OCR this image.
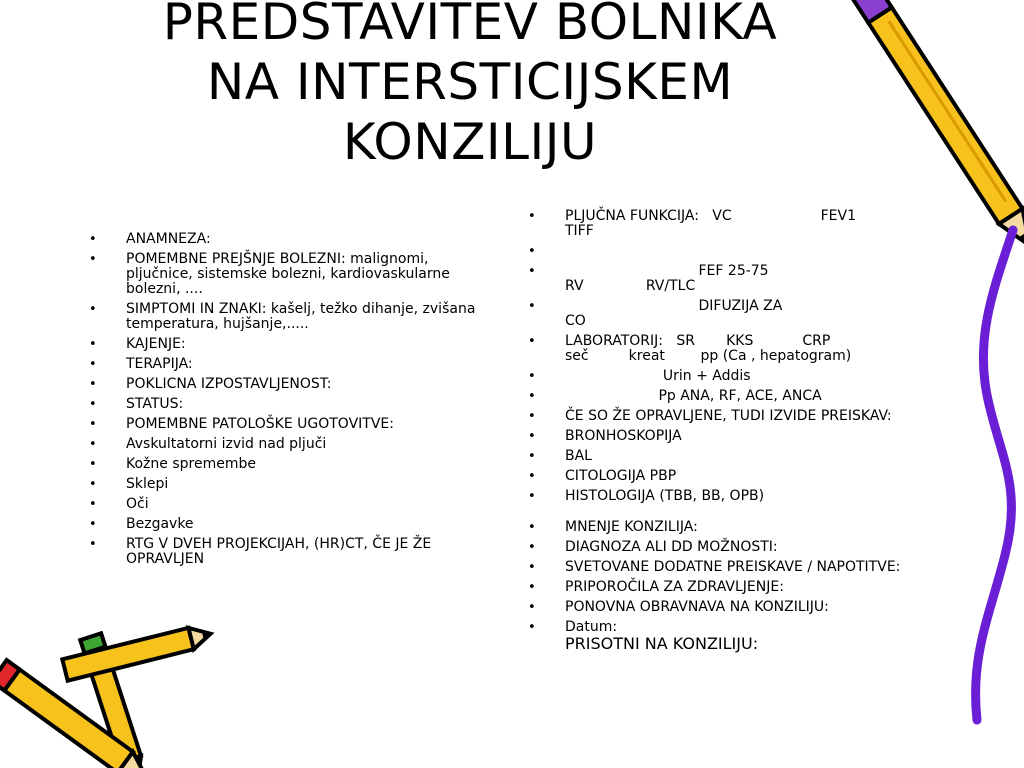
PREDSTAVITEV BOLNIKA
NA INTERSTICIJSKEM
KONZILIJU
• ANAMNEZA:
• POMEMBNE PREJŠNJE BOLEZNI: malignomi, pljučnice, sistemske bolezni, kardiovaskularne bolezni, ....
• SIMPTOMI IN ZNAKI: kašelj, težko dihanje, zvišana temperatura, hujšanje,.....
• KAJENJE:
• TERAPIJA:
• POKLICNA IZPOSTAVLJENOST:
• STATUS:
• POMEMBNE PATOLOŠKE UGOTOVITVE:
• Avskultatorni izvid nad pljuči
• Kožne spremembe
• Sklepi
• Oči
• Bezgavke
• RTG V DVEH PROJEKCIJAH, (HR)CT, ČE JE ŽE OPRAVLJEN
• PLJUČNA FUNKCIJA:   VC                    FEV1
TIFF
•
•                               FEF 25-75
RV              RV/TLC
•                               DIFUZIJA ZA
CO
• LABORATORIJ:   SR       KKS           CRP
seč         kreat        pp (Ca , hepatogram)
•                       Urin + Addis
•                      Pp ANA, RF, ACE, ANCA
• ČE SO ŽE OPRAVLJENE, TUDI IZVIDE PREISKAV:
• BRONHOSKOPIJA
• BAL
• CITOLOGIJA PBP
• HISTOLOGIJA (TBB, BB, OPB)
• MNENJE KONZILIJA:
• DIAGNOZA ALI DD MOŽNOSTI:
• SVETOVANE DODATNE PREISKAVE / NAPOTITVE:
• PRIPOROČILA ZA ZDRAVLJENJE:
• PONOVNA OBRAVNAVA NA KONZILIJU:
• Datum:
PRISOTNI NA KONZILIJU:
